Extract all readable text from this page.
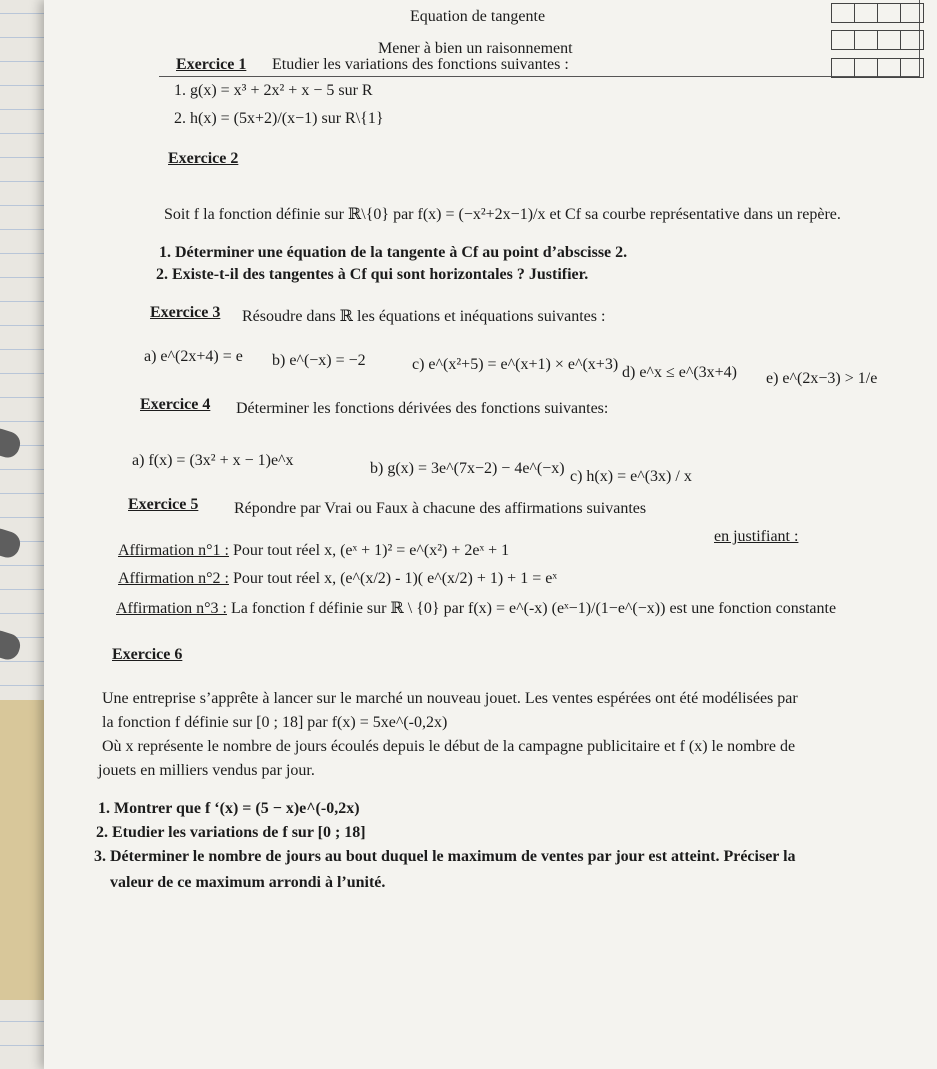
Equation de tangente
Mener à bien un raisonnement
Exercice 1 Etudier les variations des fonctions suivantes :
1. g(x) = x³ + 2x² + x − 5 sur R
2. h(x) = (5x+2)/(x−1) sur R\{1}
Exercice 2
Soit f la fonction définie sur ℝ\{0} par f(x) = (−x²+2x−1)/x et Cf sa courbe représentative dans un repère.
1. Déterminer une équation de la tangente à Cf au point d’abscisse 2.
2. Existe-t-il des tangentes à Cf qui sont horizontales ? Justifier.
Exercice 3 Résoudre dans ℝ les équations et inéquations suivantes :
a) e^(2x+4) = e b) e^(−x) = −2	c) e^(x²+5) = e^(x+1) × e^(x+3) d) e^x ≤ e^(3x+4) e) e^(2x−3) > 1/e
Exercice 4 Déterminer les fonctions dérivées des fonctions suivantes:
a) f(x) = (3x² + x − 1)e^x	b) g(x) = 3e^(7x−2) − 4e^(−x) c) h(x) = e^(3x) / x
Exercice 5 Répondre par Vrai ou Faux à chacune des affirmations suivantes
en justifiant :
Affirmation n°1 : Pour tout réel x, (eˣ + 1)² = e^(x²) + 2eˣ + 1
Affirmation n°2 : Pour tout réel x, (e^(x/2) - 1)( e^(x/2) + 1) + 1 = eˣ
Affirmation n°3 : La fonction f définie sur ℝ \ {0} par f(x) = e^(-x) (eˣ−1)/(1−e^(−x)) est une fonction constante
Exercice 6
Une entreprise s’apprête à lancer sur le marché un nouveau jouet. Les ventes espérées ont été modélisées par
la fonction f définie sur [0 ; 18] par f(x) = 5xe^(-0,2x)
Où x représente le nombre de jours écoulés depuis le début de la campagne publicitaire et f (x) le nombre de
jouets en milliers vendus par jour.
1. Montrer que f ‘(x) = (5 − x)e^(-0,2x)
2. Etudier les variations de f sur [0 ; 18]
3. Déterminer le nombre de jours au bout duquel le maximum de ventes par jour est atteint. Préciser la
valeur de ce maximum arrondi à l’unité.
